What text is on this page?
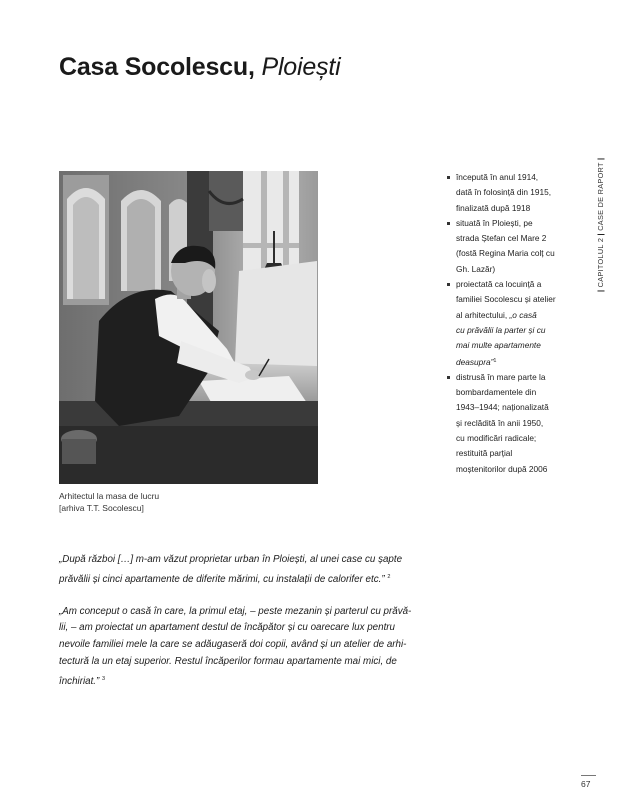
Casa Socolescu, Ploiești
Arhitectul la masa de lucru
[arhiva T.T. Socolescu]
începută în anul 1914,
dată în folosință din 1915,
finalizată după 1918
situată în Ploiești, pe
strada Ștefan cel Mare 2
(fostă Regina Maria colț cu
Gh. Lazăr)
proiectată ca locuință a
familiei Socolescu și atelier
al arhitectului, „o casă
cu prăvălii la parter și cu
mai multe apartamente
deasupra”$^1$
distrusă în mare parte la
bombardamentele din
1943–1944; naționalizată
și reclădită în anii 1950,
cu modificări radicale;
restituită parțial
moștenitorilor după 2006
| CAPITOLUL 2 | CASE DE RAPORT |

„După război […] m-am văzut proprietar urban în Ploiești, al unei case cu șapte
prăvălii și cinci apartamente de diferite mărimi, cu instalații de calorifer etc.” $^2$

„Am conceput o casă în care, la primul etaj, – peste mezanin și parterul cu prăvă-
lii, – am proiectat un apartament destul de încăpător și cu oarecare lux pentru
nevoile familiei mele la care se adăugaseră doi copii, având și un atelier de arhi-
tectură la un etaj superior. Restul încăperilor formau apartamente mai mici, de
închiriat.” $^3$

67
